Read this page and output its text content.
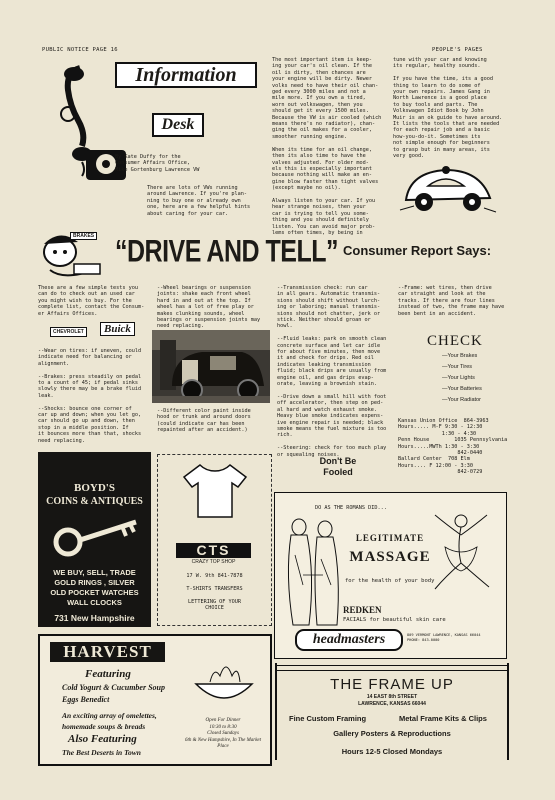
PUBLIC NOTICE PAGE 16	PEOPLE'S PAGES
Information
Desk
By Kate Duffy for the
Consumer Affairs Office,
Mike Gortenburg Lawrence VW
There are lots of VWs running
around Lawrence. If you're plan-
ning to buy one or already own
one, here are a few helpful hints
about caring for your car.
The most important item is keep-
ing your car's oil clean. If the
oil is dirty, then chances are
your engine will be dirty. Newer
volks need to have their oil chan-
ged every 3000 miles and not a
mile more. If you own a tired,
worn out volkswagen, then you
should get it every 1500 miles.
Because the VW is air cooled (which
means there's no radiator), chan-
ging the oil makes for a cooler,
smoother running engine.

When its time for an oil change,
then its also time to have the
valves adjusted. For older mod-
els this is especially important
because nothing will make an en-
gine blow faster than tight valves
(except maybe no oil).

Always listen to your car. If you
hear strange noises, then your
car is trying to tell you some-
thing and you should definitely
listen. You can avoid major prob-
lems often times, by being in
tune with your car and knowing
its regular, healthy sounds.

If you have the time, its a good
thing to learn to do some of
your own repairs. James Gang in
North Lawrence is a good place
to buy tools and parts. The
Volkswagen Idiot Book by John
Muir is an ok guide to have around.
It lists the tools that are needed
for each repair job and a basic
how-you-do-it. Sometimes its
not simple enough for beginners
to grasp but in many areas, its
very good.
BRAKES “DRIVE AND TELL” Consumer Report Says:
These are a few simple tests you
can do to check out an used car
you might wish to buy. For the
complete list, contact the Consum-
er Affairs Offices.
CHEVROLET	Buick
--Wear on tires: if uneven, could
indicate need for balancing or
alignment.

--Brakes: press steadily on pedal
to a count of 45; if pedal sinks
slowly there may be a brake fluid
leak.

--Shocks: bounce one corner of
car up and down; when you let go,
car should go up and down, then
stop in a middle position. If
it bounces more than that, shocks
need replacing.
--Wheel bearings or suspension
joints: shake each front wheel
hard in and out at the top. If
wheel has a lot of free play or
makes clunking sounds, wheel
bearings or suspension joints may
need replacing.
--Different color paint inside
hood or trunk and around doors
(could indicate car has been
repainted after an accident.)
--Transmission check: run car
in all gears. Automatic transmis-
sions should shift without lurch-
ing or laboring; manual transmis-
sions should not chatter, jerk or
stick. Neither should groan or
howl.

--Fluid leaks: park on smooth clean
concrete surface and let car idle
for about five minutes, then move
it and check for drips. Red oil
indicates leaking transmission
fluid; black drips are usually from
engine oil, and gas drips evap-
orate, leaving a brownish stain.

--Drive down a small hill with foot
off accelerator, then step on ped-
al hard and watch exhaust smoke.
Heavy blue smoke indicates expens-
ive engine repair is needed; black
smoke means the fuel mixture is too
rich.

--Steering: check for too much play
or squealing noises.
--Frame: wet tires, then drive
car straight and look at the
tracks. If there are four lines
instead of two, the frame may have
been bent in an accident.
CHECK
—Your Brakes
—Your Tires
—Your Lights
—Your Batteries
—Your Radiator
Kansas Union Office  864-3963
Hours..... M-F 9:30 - 12:30
1:30 - 4:30
Penn House        1035 Pennsylvania
Hours.....MWTh 1:30 - 3:30
842-0440
Ballard Center  708 Elm
Hours.... F 12:00 - 3:30
842-0729
BOYD'S
COINS & ANTIQUES
WE BUY, SELL, TRADE
GOLD RINGS , SILVER
OLD POCKET WATCHES
WALL CLOCKS
731 New Hampshire
CTS
CRAZY TOP SHOP
17 W. 9th 841-7878

T-SHIRTS TRANSFERS

LETTERING OF YOUR
CHOICE
Don't Be
Fooled
DO AS THE ROMANS DID...
LEGITIMATE
MASSAGE
for the health of your body
REDKEN
FACIALS for beautiful skin care
headmasters	809 VERMONT LAWRENCE, KANSAS 66044
PHONE: 843-0000
HARVEST
Featuring
Cold Yogurt & Cucumber Soup
Eggs Benedict
An exciting array of omelettes,
homemade soups & breads
Also Featuring
The Best Deserts in Town
Open For Dinner
10:30 to 8:30
Closed Sundays
6th & New Hampshire, In The Market Place
THE FRAME UP
14 EAST 8th STREET
LAWRENCE, KANSAS 66044
Fine Custom Framing	Metal Frame Kits & Clips
Gallery Posters & Reproductions
Hours 12-5 Closed Mondays
